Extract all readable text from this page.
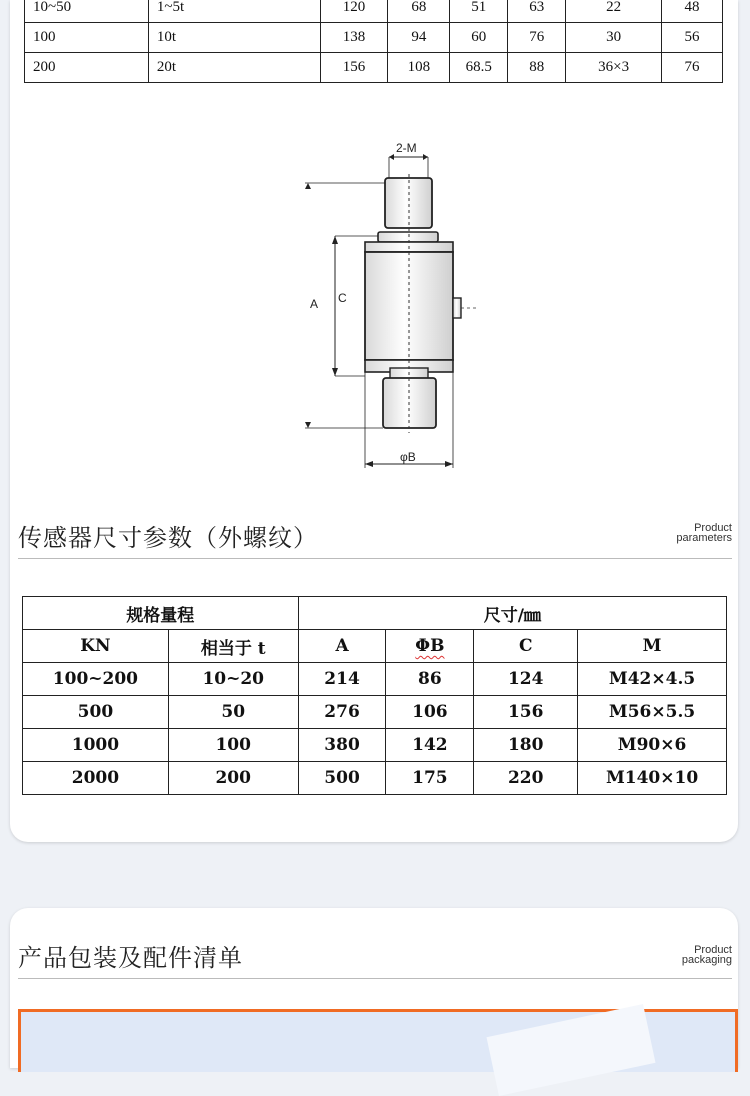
10~50	1~5t	120	68	51	63	22	48
100	10t	138	94	60	76	30	56
200	20t	156	108	68.5	88	36×3	76
2-M
A C
φB
传感器尺寸参数（外螺纹）	Product
parameters
规格量程		尺寸/㎜			
KN	相当于 t	A	ΦB	C	M
100~200	10~20	214	86	124	M42×4.5
500	50	276	106	156	M56×5.5
1000	100	380	142	180	M90×6
2000	200	500	175	220	M140×10
产品包装及配件清单	Product
packaging
